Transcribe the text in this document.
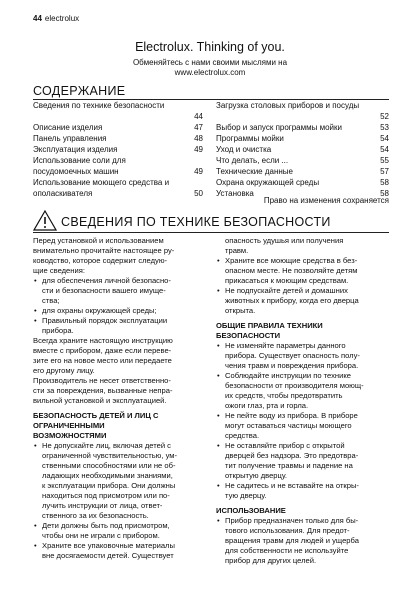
44 electrolux
Electrolux. Thinking of you.
Обменяйтесь с нами своими мыслями на
www.electrolux.com
СОДЕРЖАНИЕ
Сведения по технике безопасности
44
Описание изделия	47
Панель управления	48
Эксплуатация изделия	49
Использование соли для
посудомоечных машин	49
Использование моющего средства и
ополаскивателя	50
Загрузка столовых приборов и посуды
52
Выбор и запуск программы мойки	53
Программы мойки	54
Уход и очистка	54
Что делать, если ...	55
Технические данные	57
Охрана окружающей среды	58
Установка	58
Право на изменения сохраняется
СВЕДЕНИЯ ПО ТЕХНИКЕ БЕЗОПАСНОСТИ

Перед установкой и использованием
внимательно прочитайте настоящее ру-
ководство, которое содержит следую-
щие сведения:

• для обеспечения личной безопасно-
сти и безопасности вашего имуще-
ства;
• для охраны окружающей среды;
• Правильный порядок эксплуатации
прибора.

Всегда храните настоящую инструкцию
вместе с прибором, даже если переве-
зите его на новое место или передаете
его другому лицу.

Производитель не несет ответственно-
сти за повреждения, вызванные непра-
вильной установкой и эксплуатацией.

БЕЗОПАСНОСТЬ ДЕТЕЙ И ЛИЦ С
ОГРАНИЧЕННЫМИ
ВОЗМОЖНОСТЯМИ

• Не допускайте лиц, включая детей с
ограниченной чувствительностью, ум-
ственными способностями или не об-
ладающих необходимыми знаниями,
к эксплуатации прибора. Они должны
находиться под присмотром или по-
лучить инструкции от лица, ответ-
ственного за их безопасность.
• Дети должны быть под присмотром,
чтобы они не играли с прибором.
• Храните все упаковочные материалы
вне досягаемости детей. Существует

опасность удушья или получения
травм.

• Храните все моющие средства в без-
опасном месте. Не позволяйте детям
прикасаться к моющим средствам.
• Не подпускайте детей и домашних
животных к прибору, когда его дверца
открыта.

ОБЩИЕ ПРАВИЛА ТЕХНИКИ
БЕЗОПАСНОСТИ

• Не изменяйте параметры данного
прибора. Существует опасность полу-
чения травм и повреждения прибора.
• Соблюдайте инструкции по технике
безопасности от производителя моющ-
их средств, чтобы предотвратить
ожоги глаз, рта и горла.
• Не пейте воду из прибора. В приборе
могут оставаться частицы моющего
средства.
• Не оставляйте прибор с открытой
дверцей без надзора. Это предотвра-
тит получение травмы и падение на
открытую дверцу.
• Не садитесь и не вставайте на откры-
тую дверцу.

ИСПОЛЬЗОВАНИЕ

• Прибор предназначен только для бы-
тового использования. Для предот-
вращения травм для людей и ущерба
для собственности не используйте
прибор для других целей.
